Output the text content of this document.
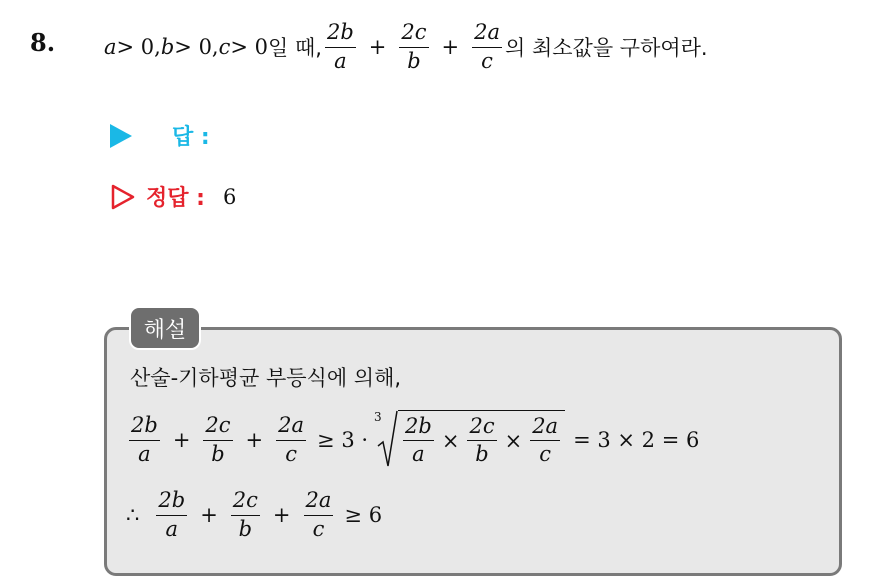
8. a > 0, b > 0, c > 0 일 때, $\frac{2b}{a} + \frac{2c}{b} + \frac{2a}{c}$ 의 최소값을 구하여라.
답 :
정답 : 6
해설
산술-기하평균 부등식에 의해,
$\frac{2b}{a} + \frac{2c}{b} + \frac{2a}{c} \ge 3$ ·
$3 \frac{2b}{a} \times \frac{2c}{b} \times \frac{2a}{c} = 3 \times 2 = 6$
∴ $\frac{2b}{a} + \frac{2c}{b} + \frac{2a}{c} \ge 6$
